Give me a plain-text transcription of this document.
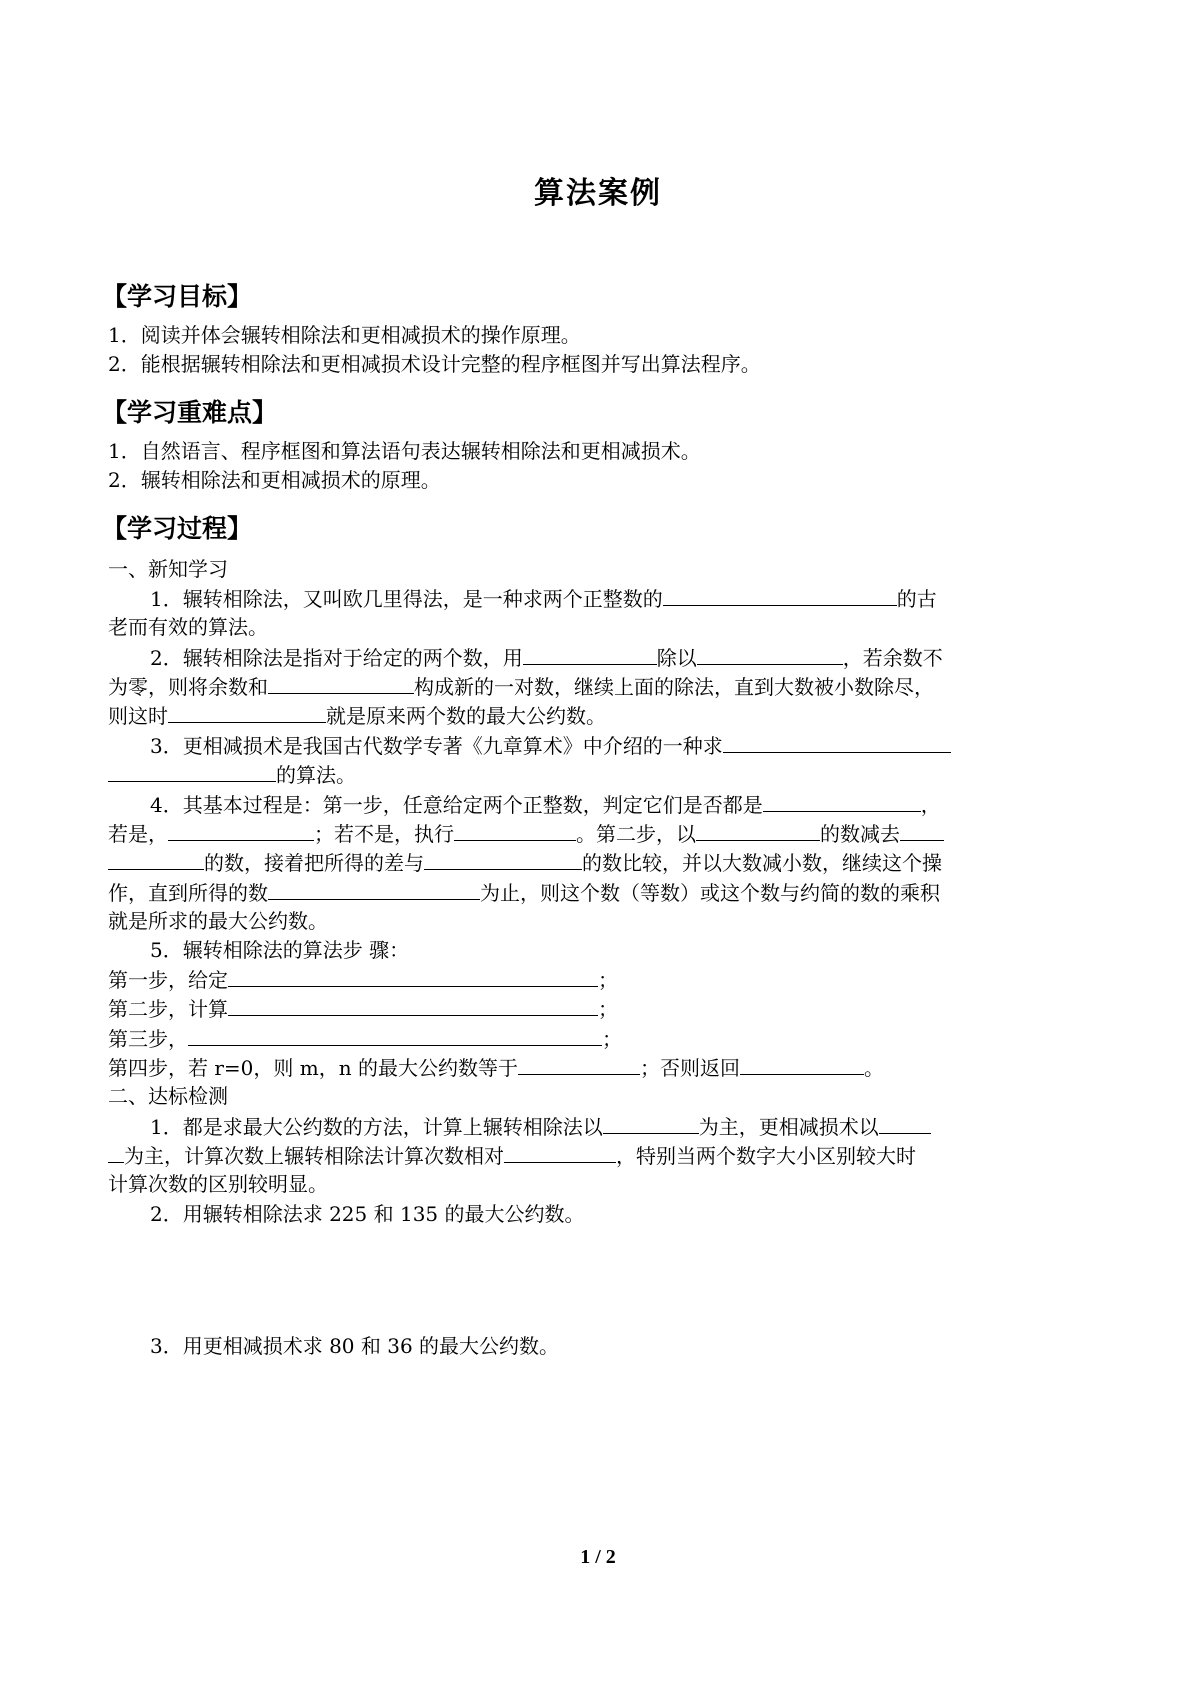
算法案例
【学习目标】
1．阅读并体会辗转相除法和更相减损术的操作原理。
2．能根据辗转相除法和更相减损术设计完整的程序框图并写出算法程序。
【学习重难点】
1．自然语言、程序框图和算法语句表达辗转相除法和更相减损术。
2．辗转相除法和更相减损术的原理。
【学习过程】
一、新知学习
1．辗转相除法，又叫欧几里得法，是一种求两个正整数的	的古
老而有效的算法。
2．辗转相除法是指对于给定的两个数，用	除以	，若余数不
为零，则将余数和	构成新的一对数，继续上面的除法，直到大数被小数除尽，
则这时	就是原来两个数的最大公约数。
3．更相减损术是我国古代数学专著《九章算术》中介绍的一种求
的算法。
4．其基本过程是：第一步，任意给定两个正整数，判定它们是否都是	，
若是，	；若不是，执行	。第二步，以	的数减去
的数，接着把所得的差与	的数比较，并以大数减小数，继续这个操
作，直到所得的数	为止，则这个数（等数）或这个数与约简的数的乘积
就是所求的最大公约数。
5．辗转相除法的算法步 骤：
第一步，给定	；
第二步，计算	；
第三步，	；
第四步，若 r=0，则 m，n 的最大公约数等于	；否则返回	。
二、达标检测
1．都是求最大公约数的方法，计算上辗转相除法以	为主，更相减损术以
为主，计算次数上辗转相除法计算次数相对	，特别当两个数字大小区别较大时
计算次数的区别较明显。
2．用辗转相除法求 225 和 135 的最大公约数。
3．用更相减损术求 80 和 36 的最大公约数。
1 / 2
